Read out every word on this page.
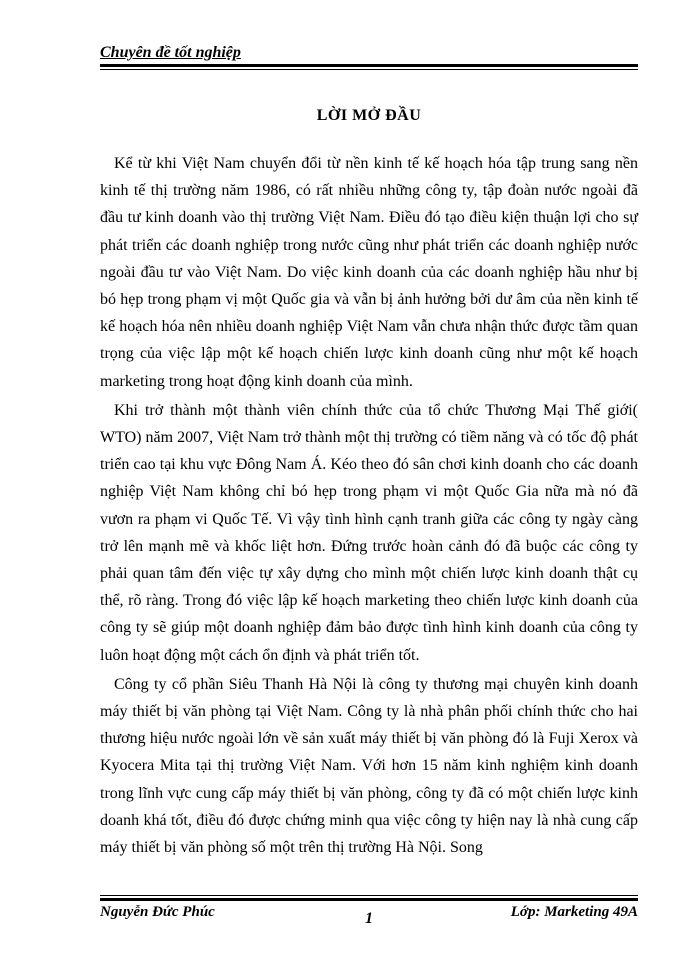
Chuyên đề tốt nghiệp
LỜI MỞ ĐẦU

Kể từ khi Việt Nam chuyển đổi từ nền kinh tế kế hoạch hóa tập trung sang nền kinh tế thị trường năm 1986, có rất nhiều những công ty, tập đoàn nước ngoài đã đầu tư kinh doanh vào thị trường Việt Nam. Điều đó tạo điều kiện thuận lợi cho sự phát triển các doanh nghiệp trong nước cũng như phát triển các doanh nghiệp nước ngoài đầu tư vào Việt Nam. Do việc kinh doanh của các doanh nghiệp hầu như bị bó hẹp trong phạm vị một Quốc gia và vẫn bị ảnh hưởng bởi dư âm của nền kinh tế kế hoạch hóa nên nhiều doanh nghiệp Việt Nam vẫn chưa nhận thức được tầm quan trọng của việc lập một kế hoạch chiến lược kinh doanh cũng như một kế hoạch marketing trong hoạt động kinh doanh của mình.

Khi trở thành một thành viên chính thức của tổ chức Thương Mại Thế giới( WTO) năm 2007, Việt Nam trở thành một thị trường có tiềm năng và có tốc độ phát triển cao tại khu vực Đông Nam Á. Kéo theo đó sân chơi kinh doanh cho các doanh nghiệp Việt Nam không chỉ bó hẹp trong phạm vi một Quốc Gia nữa mà nó đã vươn ra phạm vi Quốc Tế. Vì vậy tình hình cạnh tranh giữa các công ty ngày càng trở lên mạnh mẽ và khốc liệt hơn. Đứng trước hoàn cảnh đó đã buộc các công ty phải quan tâm đến việc tự xây dựng cho mình một chiến lược kinh doanh thật cụ thể, rõ ràng. Trong đó việc lập kế hoạch marketing theo chiến lược kinh doanh của công ty sẽ giúp một doanh nghiệp đảm bảo được tình hình kinh doanh của công ty luôn hoạt động một cách ổn định và phát triển tốt.

Công ty cổ phần Siêu Thanh Hà Nội là công ty thương mại chuyên kinh doanh máy thiết bị văn phòng tại Việt Nam. Công ty là nhà phân phối chính thức cho hai thương hiệu nước ngoài lớn về sản xuất máy thiết bị văn phòng đó là Fuji Xerox và Kyocera Mita tại thị trường Việt Nam. Với hơn 15 năm kinh nghiệm kinh doanh trong lĩnh vực cung cấp máy thiết bị văn phòng, công ty đã có một chiến lược kinh doanh khá tốt, điều đó được chứng minh qua việc công ty hiện nay là nhà cung cấp máy thiết bị văn phòng số một trên thị trường Hà Nội. Song

Nguyễn Đức Phúc	1	Lớp: Marketing 49A
